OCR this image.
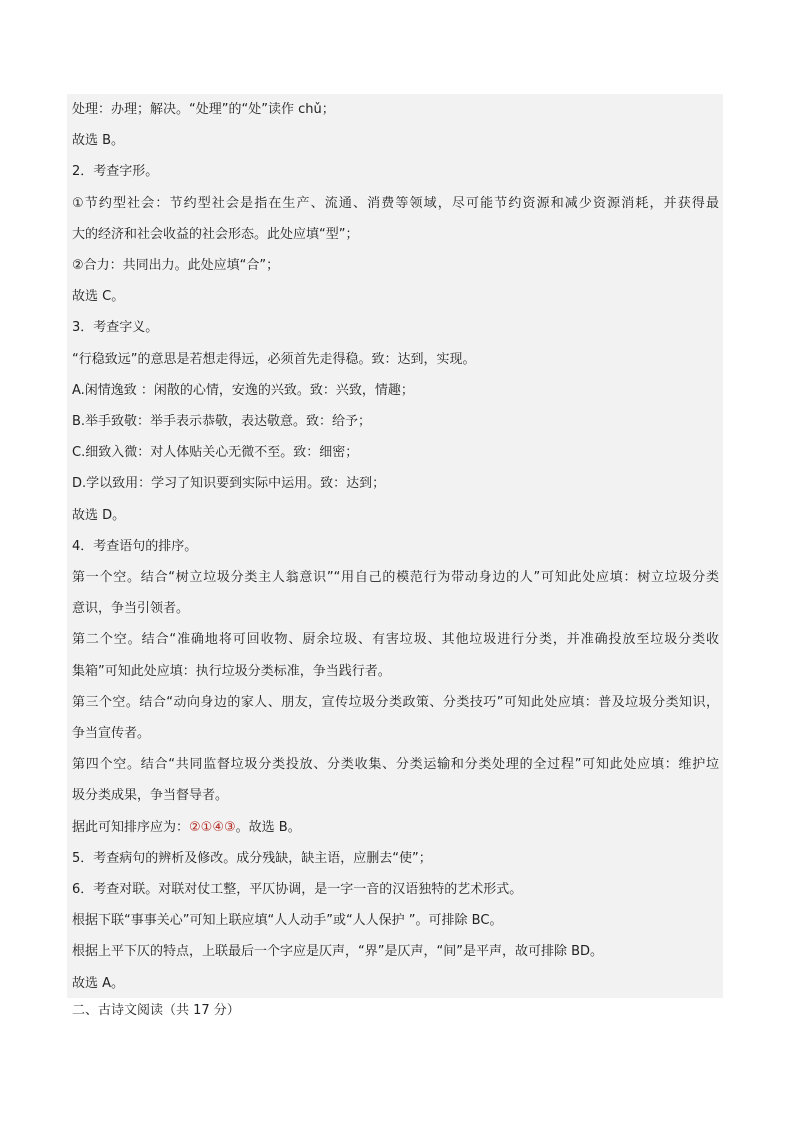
处理：办理；解决。“处理”的“处”读作 chǔ；
故选 B。
2．考查字形。
①节约型社会：节约型社会是指在生产、流通、消费等领域，尽可能节约资源和减少资源消耗，并获得最
大的经济和社会收益的社会形态。此处应填“型”；
②合力：共同出力。此处应填“合”；
故选 C。
3．考查字义。
“行稳致远”的意思是若想走得远，必须首先走得稳。致：达到，实现。
A.闲情逸致 ：闲散的心情，安逸的兴致。致：兴致，情趣；
B.举手致敬：举手表示恭敬，表达敬意。致：给予；
C.细致入微：对人体贴关心无微不至。致：细密；
D.学以致用：学习了知识要到实际中运用。致：达到；
故选 D。
4．考查语句的排序。
第一个空。结合“树立垃圾分类主人翁意识”“用自己的模范行为带动身边的人”可知此处应填：树立垃圾分类
意识，争当引领者。
第二个空。结合“准确地将可回收物、厨余垃圾、有害垃圾、其他垃圾进行分类，并准确投放至垃圾分类收
集箱”可知此处应填：执行垃圾分类标准，争当践行者。
第三个空。结合“动向身边的家人、朋友，宣传垃圾分类政策、分类技巧”可知此处应填：普及垃圾分类知识，
争当宣传者。
第四个空。结合“共同监督垃圾分类投放、分类收集、分类运输和分类处理的全过程”可知此处应填：维护垃
圾分类成果，争当督导者。
据此可知排序应为：②①④③。故选 B。
5．考查病句的辨析及修改。成分残缺，缺主语，应删去“使”；
6．考查对联。对联对仗工整，平仄协调，是一字一音的汉语独特的艺术形式。
根据下联“事事关心”可知上联应填“人人动手”或“人人保护 ”。可排除 BC。
根据上平下仄的特点，上联最后一个字应是仄声，“界”是仄声，“间”是平声，故可排除 BD。
故选 A。
二、古诗文阅读（共 17 分）
